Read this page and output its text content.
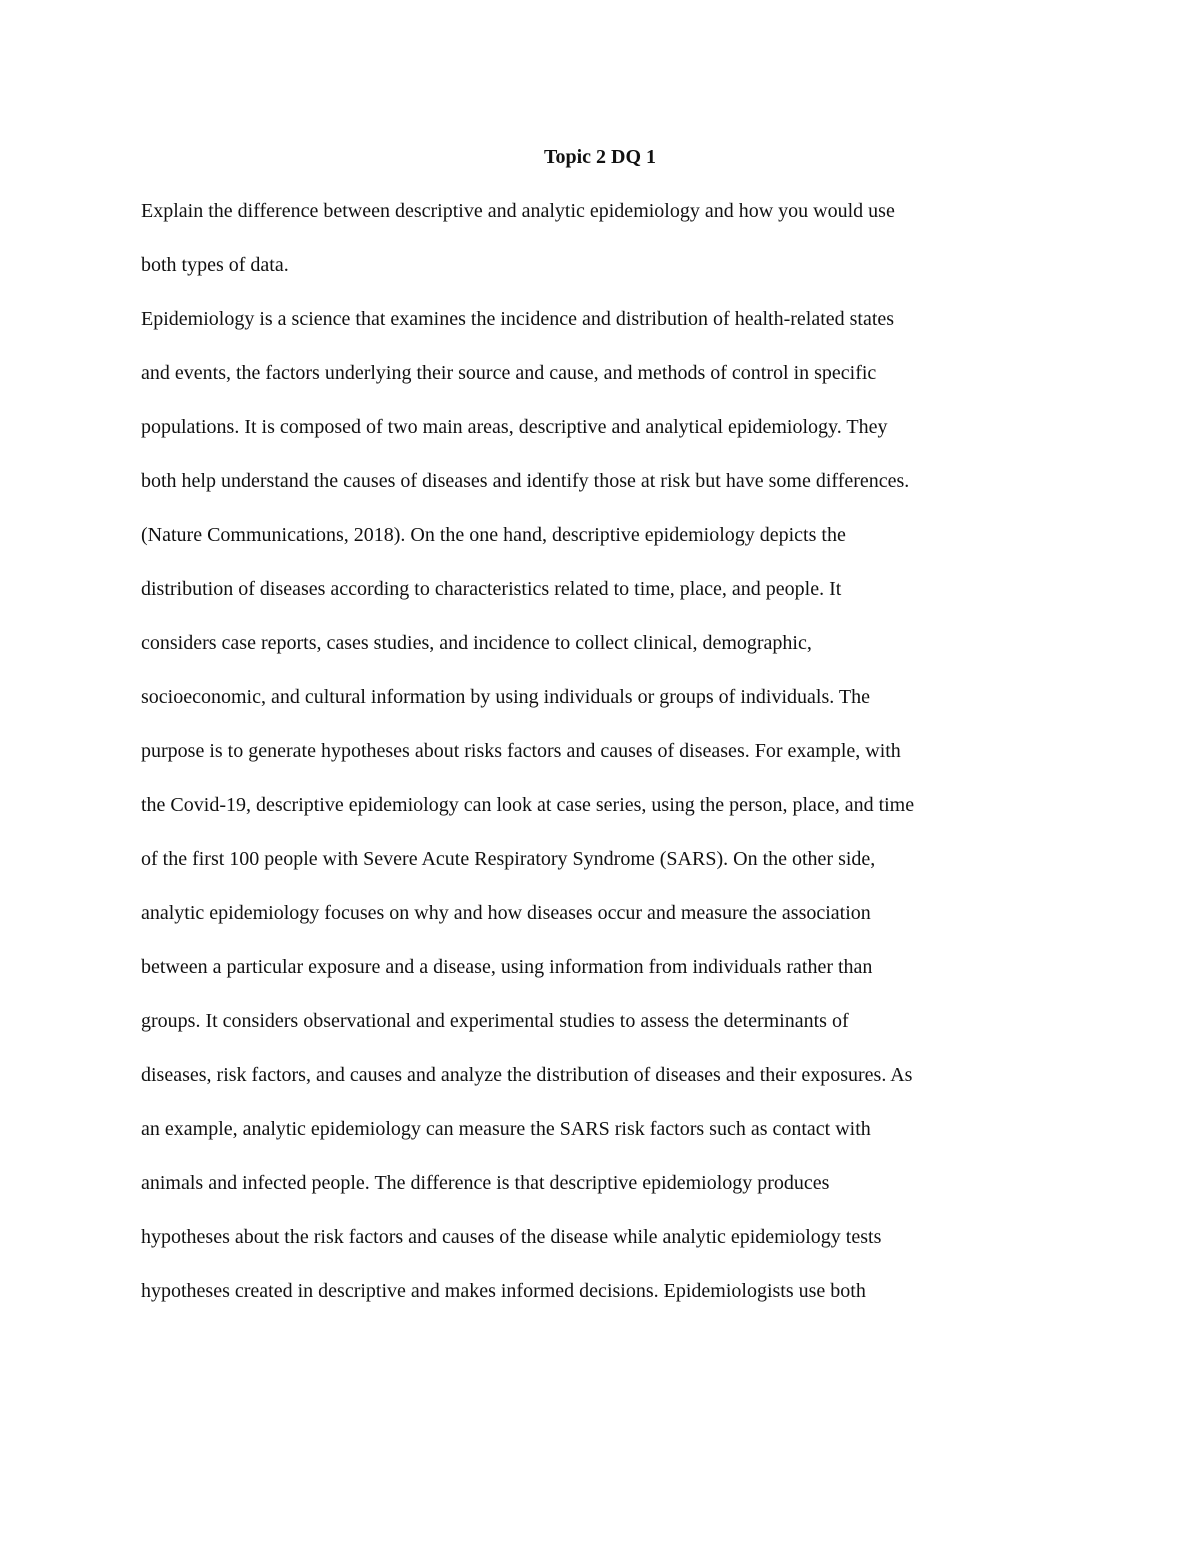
Topic 2 DQ 1
Explain the difference between descriptive and analytic epidemiology and how you would use
both types of data.
Epidemiology is a science that examines the incidence and distribution of health-related states
and events, the factors underlying their source and cause, and methods of control in specific
populations. It is composed of two main areas, descriptive and analytical epidemiology. They
both help understand the causes of diseases and identify those at risk but have some differences.
(Nature Communications, 2018). On the one hand, descriptive epidemiology depicts the
distribution of diseases according to characteristics related to time, place, and people. It
considers case reports, cases studies, and incidence to collect clinical, demographic,
socioeconomic, and cultural information by using individuals or groups of individuals. The
purpose is to generate hypotheses about risks factors and causes of diseases. For example, with
the Covid-19, descriptive epidemiology can look at case series, using the person, place, and time
of the first 100 people with Severe Acute Respiratory Syndrome (SARS). On the other side,
analytic epidemiology focuses on why and how diseases occur and measure the association
between a particular exposure and a disease, using information from individuals rather than
groups. It considers observational and experimental studies to assess the determinants of
diseases, risk factors, and causes and analyze the distribution of diseases and their exposures. As
an example, analytic epidemiology can measure the SARS risk factors such as contact with
animals and infected people. The difference is that descriptive epidemiology produces
hypotheses about the risk factors and causes of the disease while analytic epidemiology tests
hypotheses created in descriptive and makes informed decisions. Epidemiologists use both
